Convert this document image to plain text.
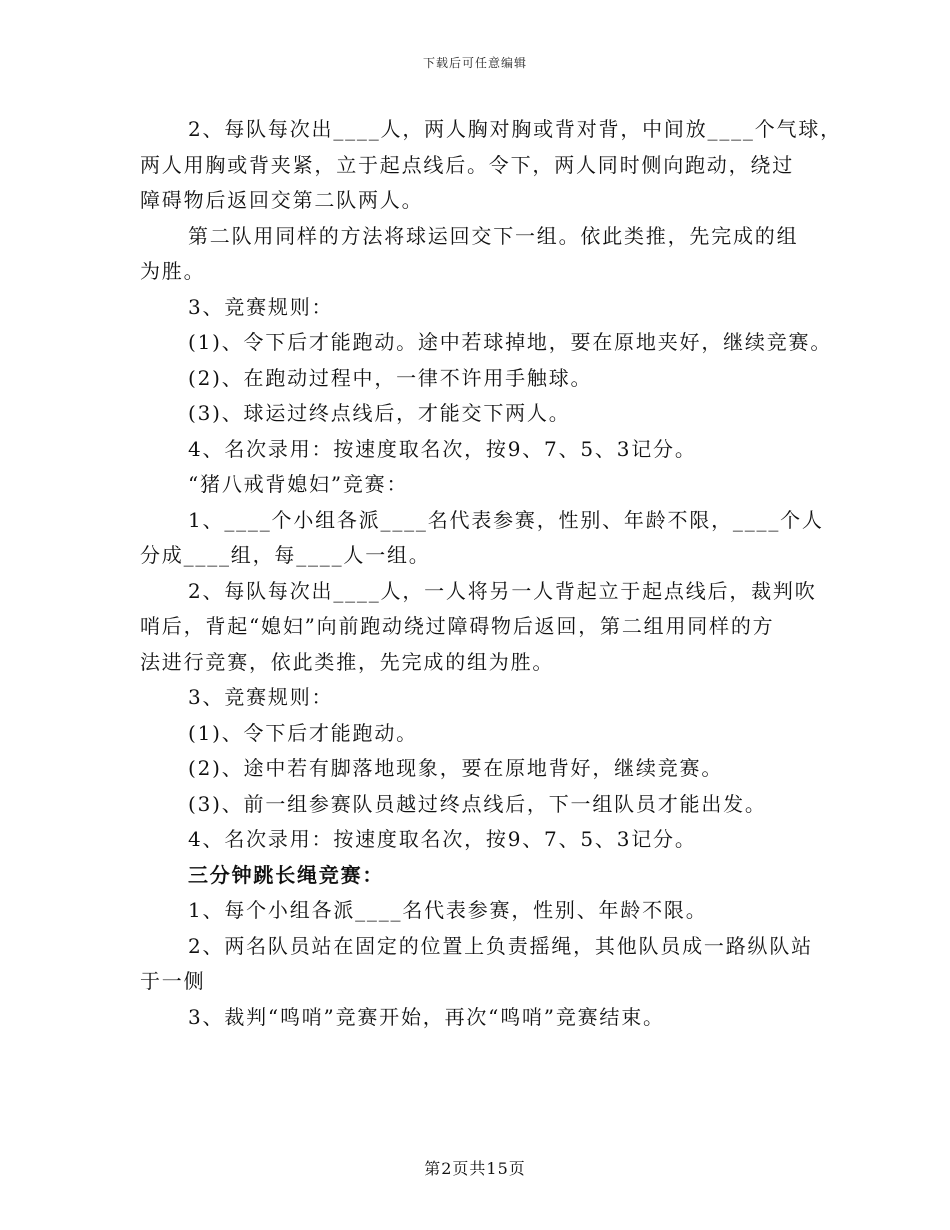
下载后可任意编辑

2、每队每次出____人，两人胸对胸或背对背，中间放____个气球，

两人用胸或背夹紧，立于起点线后。令下，两人同时侧向跑动，绕过

障碍物后返回交第二队两人。

第二队用同样的方法将球运回交下一组。依此类推，先完成的组

为胜。

3、竞赛规则：

(1)、令下后才能跑动。途中若球掉地，要在原地夹好，继续竞赛。

(2)、在跑动过程中，一律不许用手触球。

(3)、球运过终点线后，才能交下两人。

4、名次录用：按速度取名次，按9、7、5、3记分。

“猪八戒背媳妇”竞赛：

1、____个小组各派____名代表参赛，性别、年龄不限，____个人

分成____组，每____人一组。

2、每队每次出____人，一人将另一人背起立于起点线后，裁判吹

哨后，背起“媳妇”向前跑动绕过障碍物后返回，第二组用同样的方

法进行竞赛，依此类推，先完成的组为胜。

3、竞赛规则：

(1)、令下后才能跑动。

(2)、途中若有脚落地现象，要在原地背好，继续竞赛。

(3)、前一组参赛队员越过终点线后，下一组队员才能出发。

4、名次录用：按速度取名次，按9、7、5、3记分。

三分钟跳长绳竞赛：

1、每个小组各派____名代表参赛，性别、年龄不限。

2、两名队员站在固定的位置上负责摇绳，其他队员成一路纵队站

于一侧

3、裁判“鸣哨”竞赛开始，再次“鸣哨”竞赛结束。

第2页共15页
